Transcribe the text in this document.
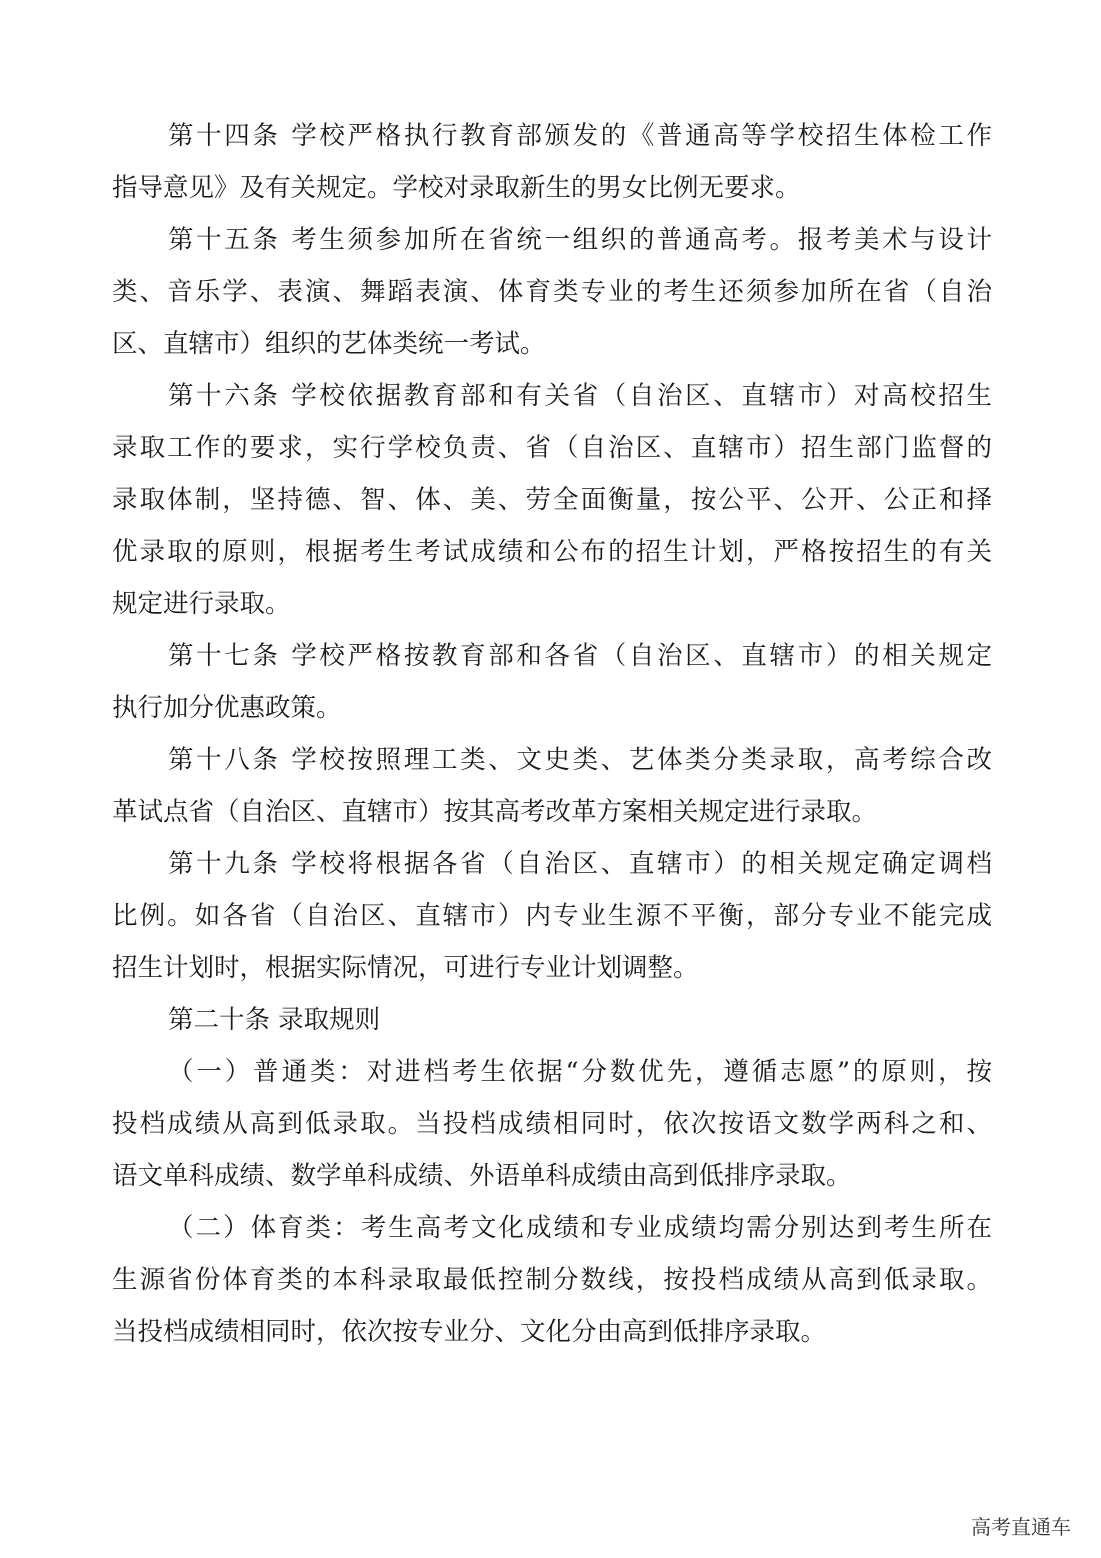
第十四条 学校严格执行教育部颁发的《普通高等学校招生体检工作
指导意见》及有关规定。学校对录取新生的男女比例无要求。
第十五条 考生须参加所在省统一组织的普通高考。报考美术与设计
类、音乐学、表演、舞蹈表演、体育类专业的考生还须参加所在省（自治
区、直辖市）组织的艺体类统一考试。
第十六条 学校依据教育部和有关省（自治区、直辖市）对高校招生
录取工作的要求，实行学校负责、省（自治区、直辖市）招生部门监督的
录取体制，坚持德、智、体、美、劳全面衡量，按公平、公开、公正和择
优录取的原则，根据考生考试成绩和公布的招生计划，严格按招生的有关
规定进行录取。
第十七条 学校严格按教育部和各省（自治区、直辖市）的相关规定
执行加分优惠政策。
第十八条 学校按照理工类、文史类、艺体类分类录取，高考综合改
革试点省（自治区、直辖市）按其高考改革方案相关规定进行录取。
第十九条 学校将根据各省（自治区、直辖市）的相关规定确定调档
比例。如各省（自治区、直辖市）内专业生源不平衡，部分专业不能完成
招生计划时，根据实际情况，可进行专业计划调整。
第二十条 录取规则
（一）普通类：对进档考生依据“分数优先，遵循志愿”的原则，按
投档成绩从高到低录取。当投档成绩相同时，依次按语文数学两科之和、
语文单科成绩、数学单科成绩、外语单科成绩由高到低排序录取。
（二）体育类：考生高考文化成绩和专业成绩均需分别达到考生所在
生源省份体育类的本科录取最低控制分数线，按投档成绩从高到低录取。
当投档成绩相同时，依次按专业分、文化分由高到低排序录取。
高考直通车
